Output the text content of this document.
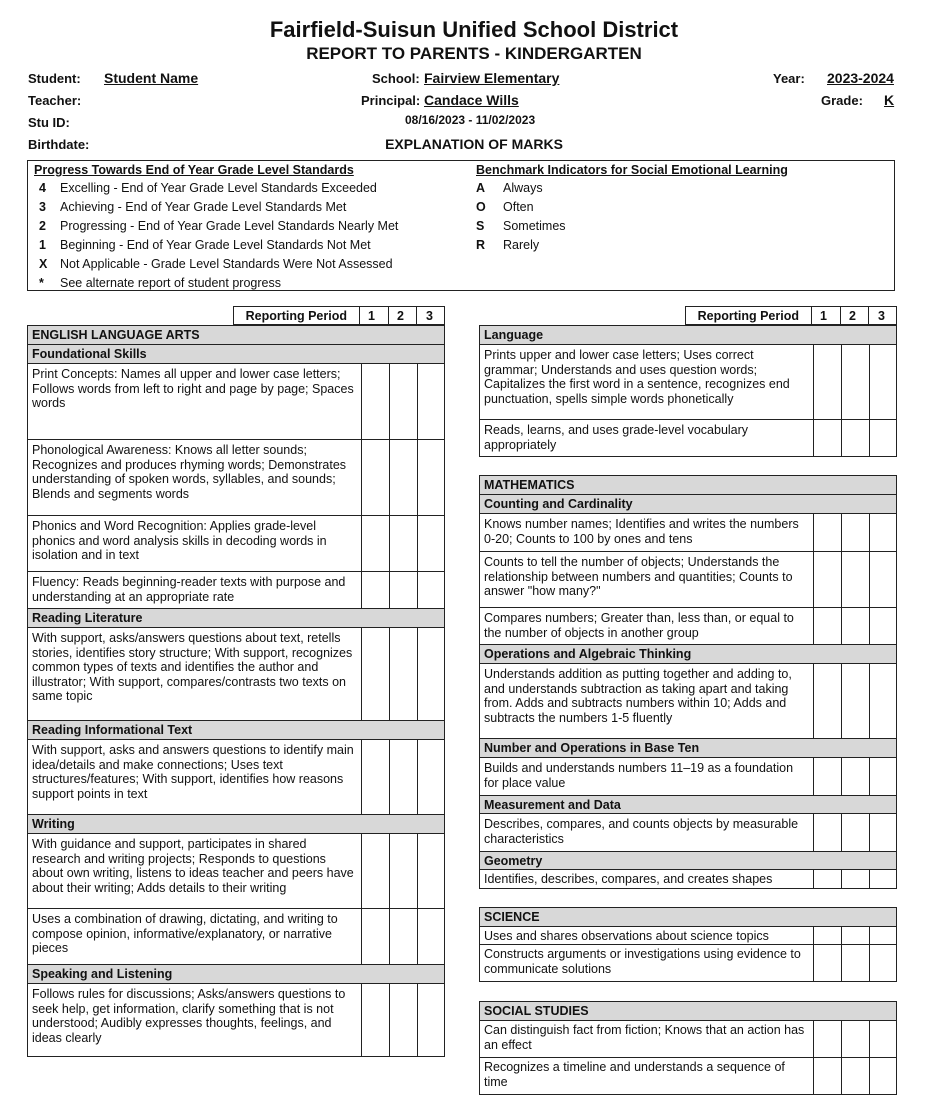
Fairfield-Suisun Unified School District
REPORT TO PARENTS - KINDERGARTEN
Student: Student Name	School: Fairview Elementary	Year: 2023-2024
Teacher:	Principal: Candace Wills	Grade: K
Stu ID:	08/16/2023 - 11/02/2023
Birthdate:	EXPLANATION OF MARKS
Progress Towards End of Year Grade Level Standards
4 Excelling - End of Year Grade Level Standards Exceeded
3 Achieving - End of Year Grade Level Standards Met
2 Progressing - End of Year Grade Level Standards Nearly Met
1 Beginning - End of Year Grade Level Standards Not Met
X Not Applicable - Grade Level Standards Were Not Assessed
* See alternate report of student progress
Benchmark Indicators for Social Emotional Learning
A Always
O Often
S Sometimes
R Rarely
Reporting Period 1 2 3	Reporting Period 1 2 3
ENGLISH LANGUAGE ARTS
Foundational Skills
Print Concepts: Names all upper and lower case letters; Follows words from left to right and page by page; Spaces words
Phonological Awareness: Knows all letter sounds; Recognizes and produces rhyming words; Demonstrates understanding of spoken words, syllables, and sounds; Blends and segments words
Phonics and Word Recognition: Applies grade-level phonics and word analysis skills in decoding words in isolation and in text
Fluency: Reads beginning-reader texts with purpose and understanding at an appropriate rate
Reading Literature
With support, asks/answers questions about text, retells stories, identifies story structure; With support, recognizes common types of texts and identifies the author and illustrator; With support, compares/contrasts two texts on same topic
Reading Informational Text
With support, asks and answers questions to identify main idea/details and make connections; Uses text structures/features; With support, identifies how reasons support points in text
Writing
With guidance and support, participates in shared research and writing projects; Responds to questions about own writing, listens to ideas teacher and peers have about their writing; Adds details to their writing
Uses a combination of drawing, dictating, and writing to compose opinion, informative/explanatory, or narrative pieces
Speaking and Listening
Follows rules for discussions; Asks/answers questions to seek help, get information, clarify something that is not understood; Audibly expresses thoughts, feelings, and ideas clearly
Language
Prints upper and lower case letters; Uses correct grammar; Understands and uses question words; Capitalizes the first word in a sentence, recognizes end punctuation, spells simple words phonetically
Reads, learns, and uses grade-level vocabulary appropriately
MATHEMATICS
Counting and Cardinality
Knows number names; Identifies and writes the numbers 0-20; Counts to 100 by ones and tens
Counts to tell the number of objects; Understands the relationship between numbers and quantities; Counts to answer "how many?"
Compares numbers; Greater than, less than, or equal to the number of objects in another group
Operations and Algebraic Thinking
Understands addition as putting together and adding to, and understands subtraction as taking apart and taking from. Adds and subtracts numbers within 10; Adds and subtracts the numbers 1-5 fluently
Number and Operations in Base Ten
Builds and understands numbers 11–19 as a foundation for place value
Measurement and Data
Describes, compares, and counts objects by measurable characteristics
Geometry
Identifies, describes, compares, and creates shapes
SCIENCE
Uses and shares observations about science topics
Constructs arguments or investigations using evidence to communicate solutions
SOCIAL STUDIES
Can distinguish fact from fiction; Knows that an action has an effect
Recognizes a timeline and understands a sequence of time
